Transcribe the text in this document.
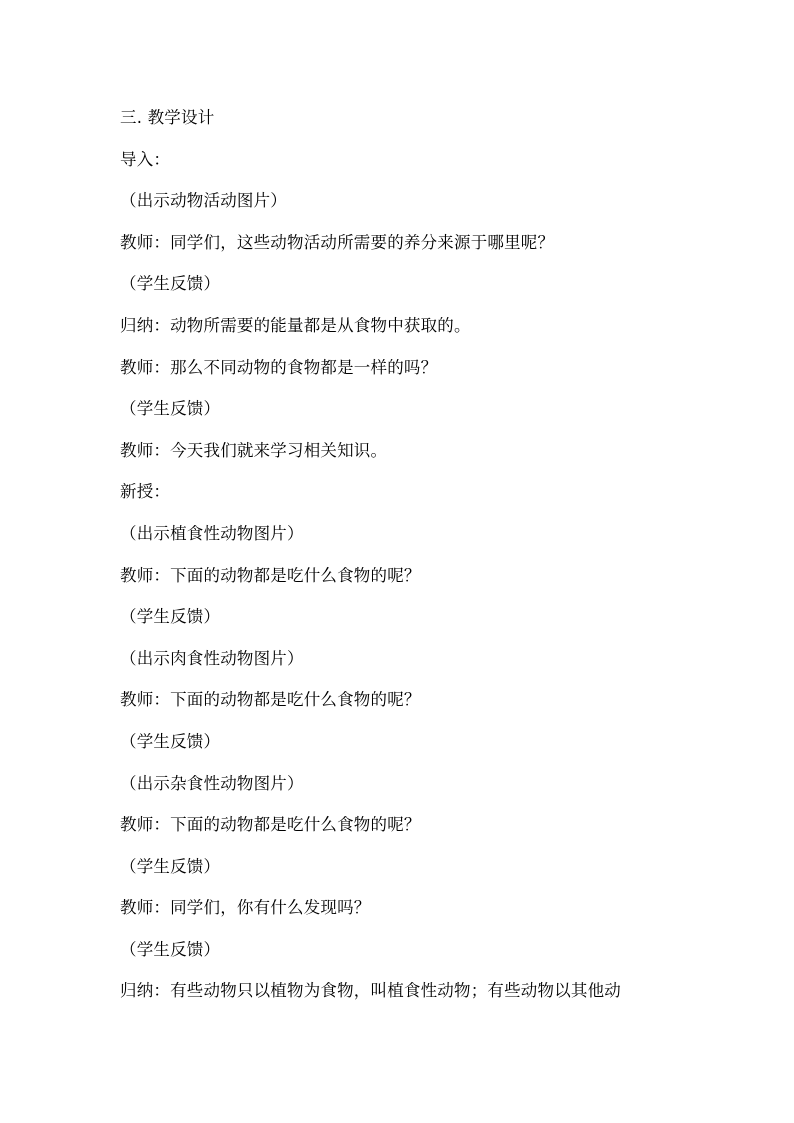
三. 教学设计
导入：
（出示动物活动图片）
教师：同学们，这些动物活动所需要的养分来源于哪里呢？
（学生反馈）
归纳：动物所需要的能量都是从食物中获取的。
教师：那么不同动物的食物都是一样的吗？
（学生反馈）
教师：今天我们就来学习相关知识。
新授：
（出示植食性动物图片）
教师：下面的动物都是吃什么食物的呢？
（学生反馈）
（出示肉食性动物图片）
教师：下面的动物都是吃什么食物的呢？
（学生反馈）
（出示杂食性动物图片）
教师：下面的动物都是吃什么食物的呢？
（学生反馈）
教师：同学们，你有什么发现吗？
（学生反馈）
归纳：有些动物只以植物为食物，叫植食性动物；有些动物以其他动
